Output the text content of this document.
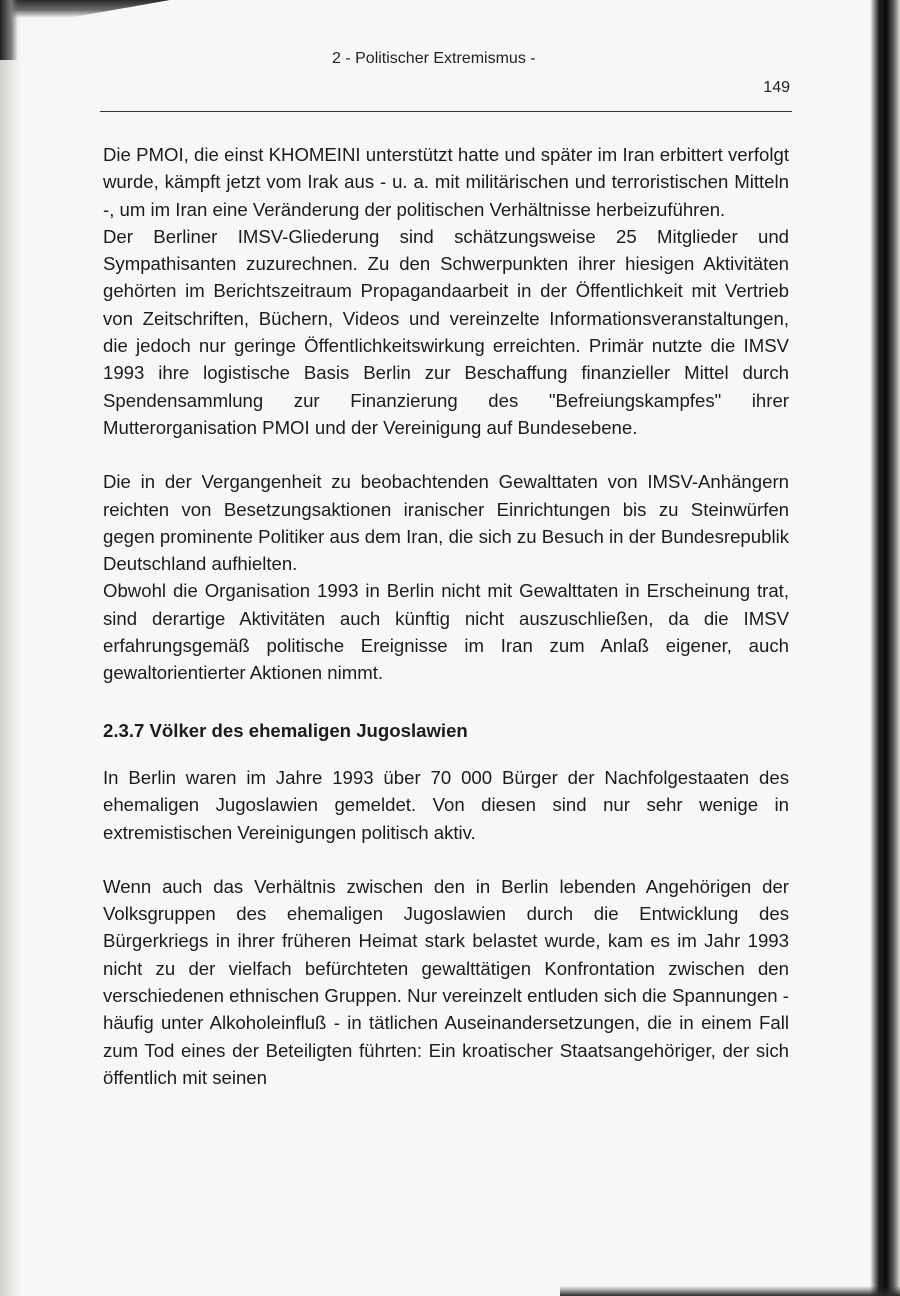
2 - Politischer Extremismus -
149

Die PMOI, die einst KHOMEINI unterstützt hatte und später im Iran erbittert verfolgt wurde, kämpft jetzt vom Irak aus - u. a. mit militärischen und terroristischen Mitteln -, um im Iran eine Veränderung der politischen Verhältnisse herbeizuführen.

Der Berliner IMSV-Gliederung sind schätzungsweise 25 Mitglieder und Sympathisanten zuzurechnen. Zu den Schwerpunkten ihrer hiesigen Aktivitäten gehörten im Berichtszeitraum Propagandaarbeit in der Öffentlichkeit mit Vertrieb von Zeitschriften, Büchern, Videos und vereinzelte Informationsveranstaltungen, die jedoch nur geringe Öffentlichkeitswirkung erreichten. Primär nutzte die IMSV 1993 ihre logistische Basis Berlin zur Beschaffung finanzieller Mittel durch Spendensammlung zur Finanzierung des "Befreiungskampfes" ihrer Mutterorganisation PMOI und der Vereinigung auf Bundesebene.

Die in der Vergangenheit zu beobachtenden Gewalttaten von IMSV-Anhängern reichten von Besetzungsaktionen iranischer Einrichtungen bis zu Steinwürfen gegen prominente Politiker aus dem Iran, die sich zu Besuch in der Bundesrepublik Deutschland aufhielten.

Obwohl die Organisation 1993 in Berlin nicht mit Gewalttaten in Erscheinung trat, sind derartige Aktivitäten auch künftig nicht auszuschließen, da die IMSV erfahrungsgemäß politische Ereignisse im Iran zum Anlaß eigener, auch gewaltorientierter Aktionen nimmt.

2.3.7 Völker des ehemaligen Jugoslawien

In Berlin waren im Jahre 1993 über 70 000 Bürger der Nachfolgestaaten des ehemaligen Jugoslawien gemeldet. Von diesen sind nur sehr wenige in extremistischen Vereinigungen politisch aktiv.

Wenn auch das Verhältnis zwischen den in Berlin lebenden Angehörigen der Volksgruppen des ehemaligen Jugoslawien durch die Entwicklung des Bürgerkriegs in ihrer früheren Heimat stark belastet wurde, kam es im Jahr 1993 nicht zu der vielfach befürchteten gewalttätigen Konfrontation zwischen den verschiedenen ethnischen Gruppen. Nur vereinzelt entluden sich die Spannungen - häufig unter Alkoholeinfluß - in tätlichen Auseinandersetzungen, die in einem Fall zum Tod eines der Beteiligten führten: Ein kroatischer Staatsangehöriger, der sich öffentlich mit seinen
